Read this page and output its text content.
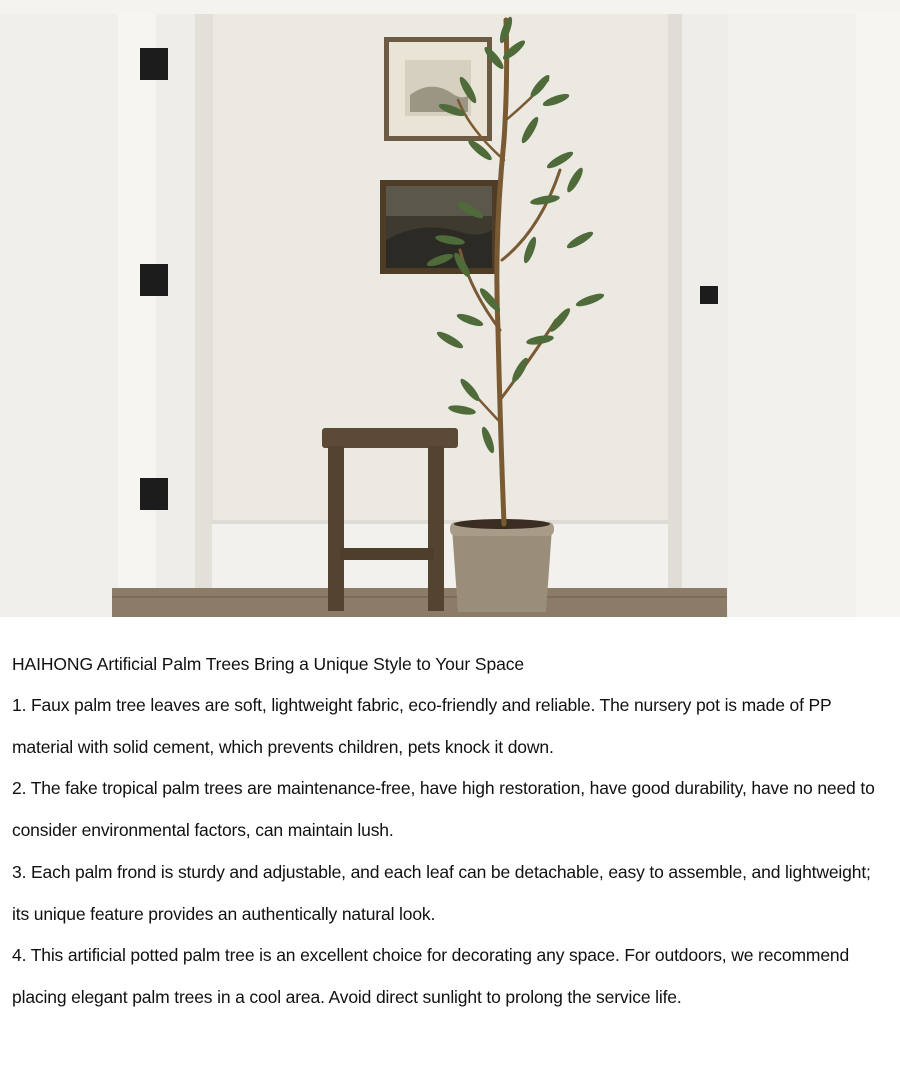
HAIHONG Artificial Palm Trees Bring a Unique Style to Your Space
1. Faux palm tree leaves are soft, lightweight fabric, eco-friendly and reliable. The nursery pot is made of PP material with solid cement, which prevents children, pets knock it down.
2. The fake tropical palm trees are maintenance-free, have high restoration, have good durability, have no need to consider environmental factors, can maintain lush.
3. Each palm frond is sturdy and adjustable, and each leaf can be detachable, easy to assemble, and lightweight; its unique feature provides an authentically natural look.
4. This artificial potted palm tree is an excellent choice for decorating any space. For outdoors, we recommend placing elegant palm trees in a cool area. Avoid direct sunlight to prolong the service life.
